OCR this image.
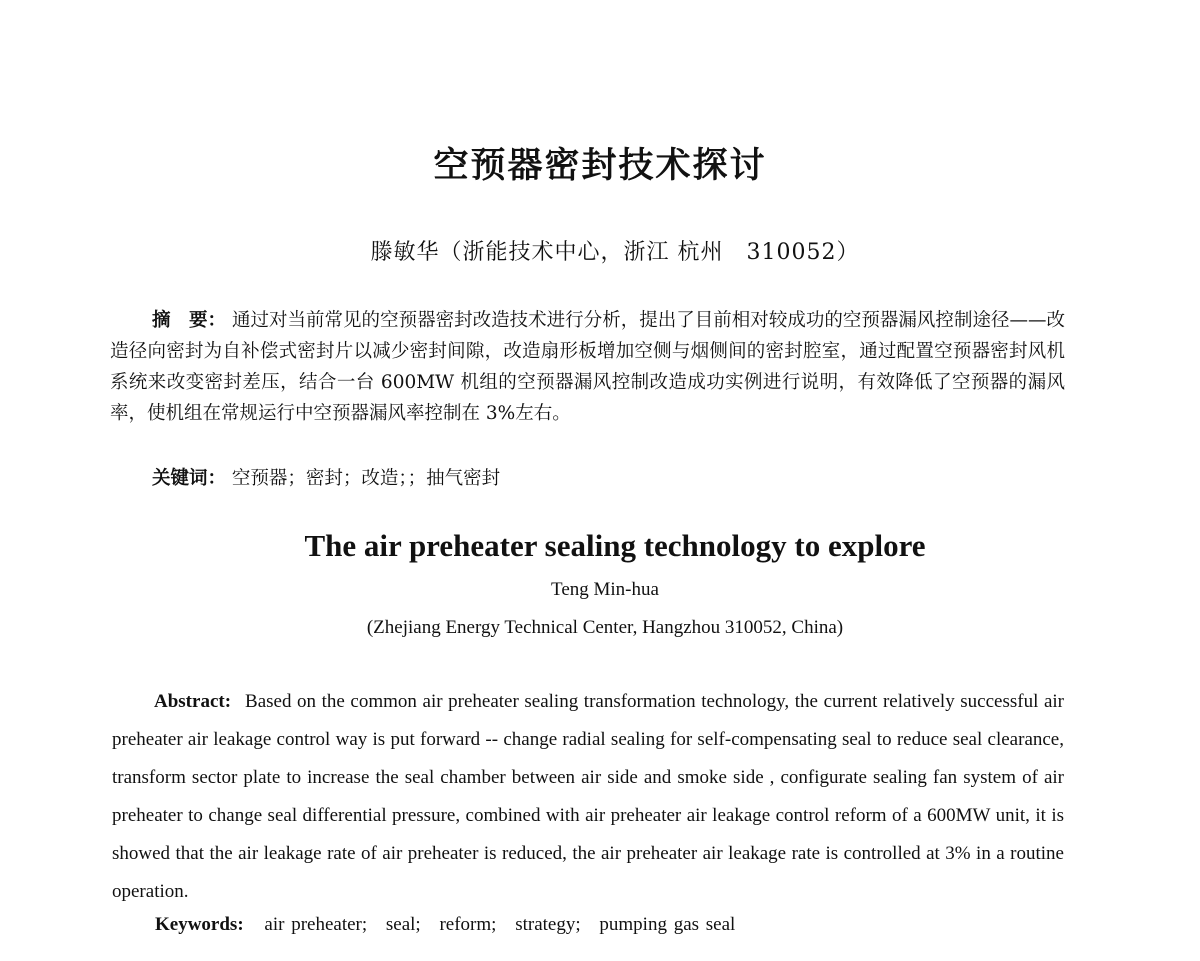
空预器密封技术探讨
滕敏华（浙能技术中心，浙江 杭州　310052）
摘　要： 通过对当前常见的空预器密封改造技术进行分析，提出了目前相对较成功的空预器漏风控制途径——改造径向密封为自补偿式密封片以减少密封间隙，改造扇形板增加空侧与烟侧间的密封腔室，通过配置空预器密封风机系统来改变密封差压，结合一台 600MW 机组的空预器漏风控制改造成功实例进行说明，有效降低了空预器的漏风率，使机组在常规运行中空预器漏风率控制在 3%左右。
关键词： 空预器；密封；改造；；抽气密封
The air preheater sealing technology to explore
Teng Min-hua
(Zhejiang Energy Technical Center, Hangzhou 310052, China)
Abstract: Based on the common air preheater sealing transformation technology, the current relatively successful air preheater air leakage control way is put forward -- change radial sealing for self-compensating seal to reduce seal clearance, transform sector plate to increase the seal chamber between air side and smoke side , configurate sealing fan system of air preheater to change seal differential pressure, combined with air preheater air leakage control reform of a 600MW unit, it is showed that the air leakage rate of air preheater is reduced, the air preheater air leakage rate is controlled at 3% in a routine operation.
Keywords: air preheater; seal; reform; strategy; pumping gas seal
